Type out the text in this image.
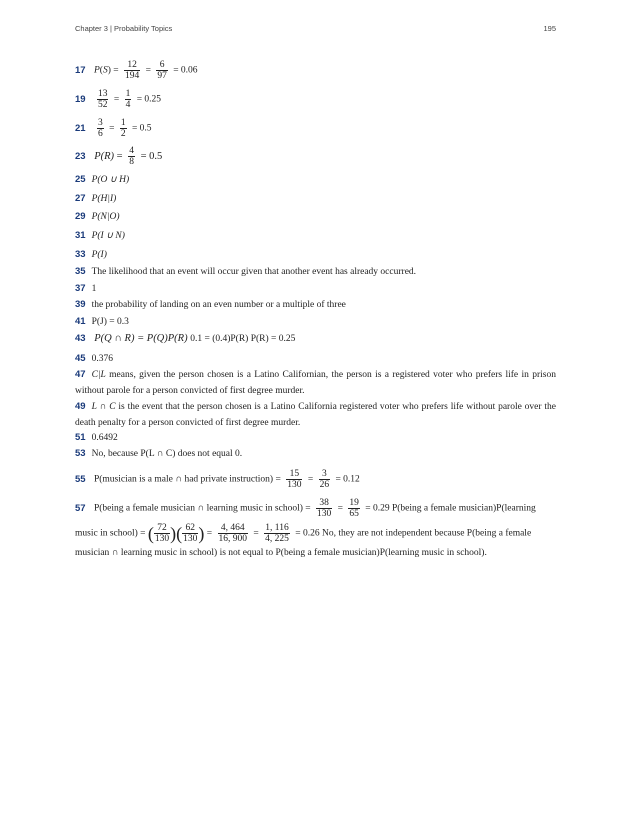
Chapter 3 | Probability Topics	195
17 $P(S) = \frac{12}{194} = \frac{6}{97} = 0.06$
$19 \frac{13}{52} = \frac{1}{4} = 0.25$
$21 \frac{3}{6} = \frac{1}{2} = 0.5$
23 $P(R) = \frac{4}{8} = 0.5$
25 P(O ∪ H)
27 P(H|I)
29 P(N|O)
31 P(I ∪ N)
33 P(I)
35 The likelihood that an event will occur given that another event has already occurred.
37 1
39 the probability of landing on an even number or a multiple of three
41 P(J) = 0.3
43 P(Q ∩ R) = P(Q)P(R) 0.1 = (0.4)P(R) P(R) = 0.25
45 0.376
47 C|L means, given the person chosen is a Latino Californian, the person is a registered voter who prefers life in prison without parole for a person convicted of first degree murder.
49 L ∩ C is the event that the person chosen is a Latino California registered voter who prefers life without parole over the death penalty for a person convicted of first degree murder.
51 0.6492
53 No, because P(L ∩ C) does not equal 0.
55 P(musician is a male ∩ had private instruction) = $\frac{15}{130} = \frac{3}{26} = 0.12$
57 P(being a female musician ∩ learning music in school) = $\frac{38}{130} = \frac{19}{65} = 0.29$ P(being a female musician)P(learning
music in school) = ( $\frac{72}{130}$ )( $\frac{62}{130}$ ) = $\frac{4, 464}{16, 900} = \frac{1, 116}{4, 225} = 0.26$ No, they are not independent because P(being a female
musician ∩ learning music in school) is not equal to P(being a female musician)P(learning music in school).
